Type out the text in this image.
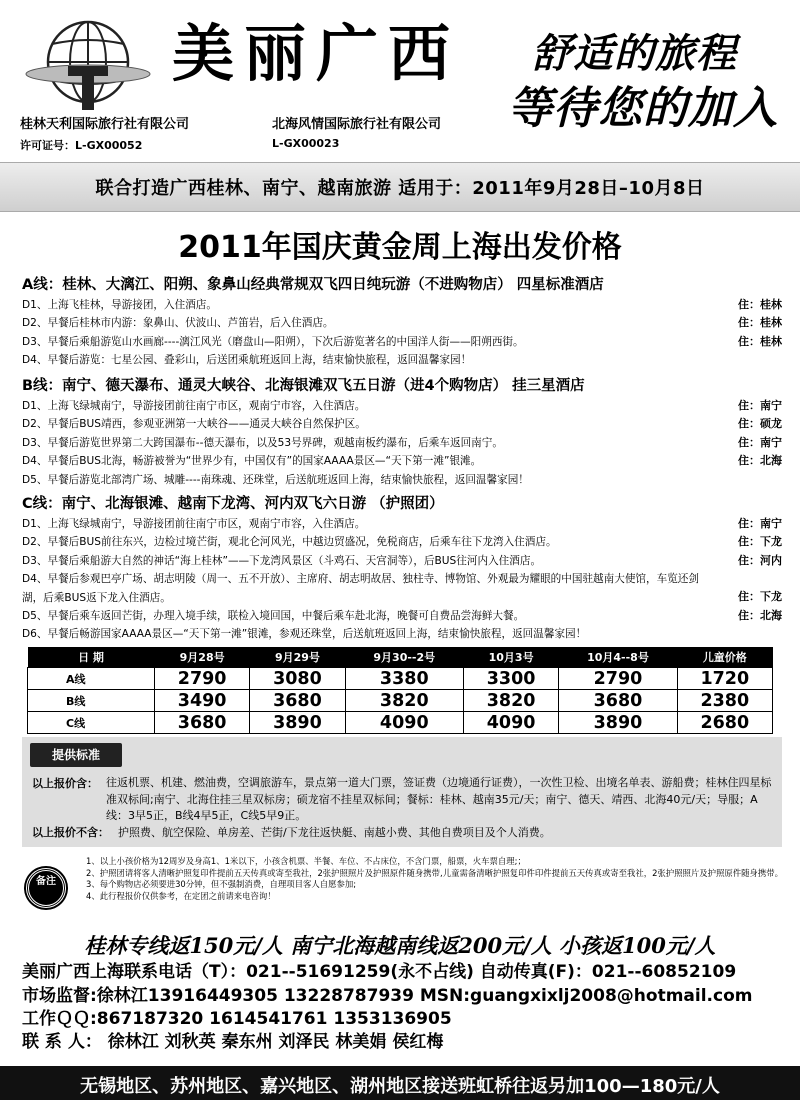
美丽广西 舒适的旅程
等待您的加入
桂林天利国际旅行社有限公司	北海风情国际旅行社有限公司
许可证号：L-GX00052	L-GX00023
联合打造广西桂林、南宁、越南旅游 适用于：2011年9月28日–10月8日
2011年国庆黄金周上海出发价格
A线：桂林、大漓江、阳朔、象鼻山经典常规双飞四日纯玩游（不进购物店） 四星标准酒店
D1、上海飞桂林，导游接团，入住酒店。	住：桂林
D2、早餐后桂林市内游：象鼻山、伏波山、芦笛岩，后入住酒店。	住：桂林
D3、早餐后乘船游览山水画廊----漓江风光（磨盘山—阳朔），下次后游览著名的中国洋人街——阳朔西街。	住：桂林
D4、早餐后游览：七星公园、叠彩山，后送团乘航班返回上海，结束愉快旅程，返回温馨家园！
B线：南宁、德天瀑布、通灵大峡谷、北海银滩双飞五日游（进4个购物店） 挂三星酒店
D1、上海飞绿城南宁，导游接团前往南宁市区，观南宁市容，入住酒店。	住：南宁
D2、早餐后BUS靖西，参观亚洲第一大峡谷——通灵大峡谷自然保护区。	住：硕龙
D3、早餐后游览世界第二大跨国瀑布--德天瀑布，以及53号界碑，观越南板约瀑布，后乘车返回南宁。	住：南宁
D4、早餐后BUS北海，畅游被誉为“世界少有，中国仅有”的国家AAAA景区—“天下第一滩”银滩。	住：北海
D5、早餐后游览北部湾广场、城雕----南珠魂、还珠堂，后送航班返回上海，结束愉快旅程，返回温馨家园！
C线：南宁、北海银滩、越南下龙湾、河内双飞六日游 （护照团）
D1、上海飞绿城南宁，导游接团前往南宁市区，观南宁市容，入住酒店。	住：南宁
D2、早餐后BUS前往东兴，边检过境芒街，观北仑河风光，中越边贸盛况，免税商店，后乘车往下龙湾入住酒店。	住：下龙
D3、早餐后乘船游大自然的神话“海上桂林”——下龙湾风景区（斗鸡石、天宫洞等），后BUS往河内入住酒店。	住：河内
D4、早餐后参观巴亭广场、胡志明陵（周一、五不开放）、主席府、胡志明故居、独柱寺、博物馆、外观最为耀眼的中国驻越南大使馆，车览还剑湖，后乘BUS返下龙入住酒店。	住：下龙
D5、早餐后乘车返回芒街，办理入境手续，联检入境回国，中餐后乘车赴北海，晚餐可自费品尝海鲜大餐。	住：北海
D6、早餐后畅游国家AAAA景区—“天下第一滩”银滩，参观还珠堂，后送航班返回上海，结束愉快旅程，返回温馨家园！
日 期	9月28号	9月29号	9月30--2号	10月3号	10月4--8号	儿童价格
A线	2790	3080	3380	3300	2790	1720
B线	3490	3680	3820	3820	3680	2380
C线	3680	3890	4090	4090	3890	2680
提供标准
以上报价含： 往返机票、机建、燃油费，空调旅游车，景点第一道大门票，签证费（边境通行证费），一次性卫检、出境名单表、游船费；桂林住四星标准双标间;南宁、北海住挂三星双标房；硕龙宿不挂星双标间；餐标：桂林、越南35元/天；南宁、德天、靖西、北海40元/天；导服；A线：3早5正，B线4早5正，C线5早9正。
以上报价不含： 护照费、航空保险、单房差、芒街/下龙往返快艇、南越小费、其他自费项目及个人消费。
备注
1、以上小孩价格为12周岁及身高1、1米以下，小孩含机票、半餐、车位、不占床位，不含门票，船票，火车票自理;；
2、护照团请将客人清晰护照复印件提前五天传真或寄至我社，2张护照照片及护照原件随身携带,儿童需备清晰护照复印件印件提前五天传真或寄至我社，2张护照照片及护照原件随身携带。
3、每个购物店必须要进30分钟，但不强制消费，自理项目客人自愿参加;
4、此行程报价仅供参考，在定团之前请来电咨询！
桂林专线返150元/人 南宁北海越南线返200元/人 小孩返100元/人
美丽广西上海联系电话（T）：021--51691259(永不占线) 自动传真(F)：021--60852109
市场监督:徐林江13916449305 13228787939 MSN:guangxixlj2008@hotmail.com
工作ＱＱ:867187320 1614541761 1353136905
联 系 人： 徐林江 刘秋英 秦东州 刘泽民 林美娟 侯红梅
无锡地区、苏州地区、嘉兴地区、湖州地区接送班虹桥往返另加100—180元/人
